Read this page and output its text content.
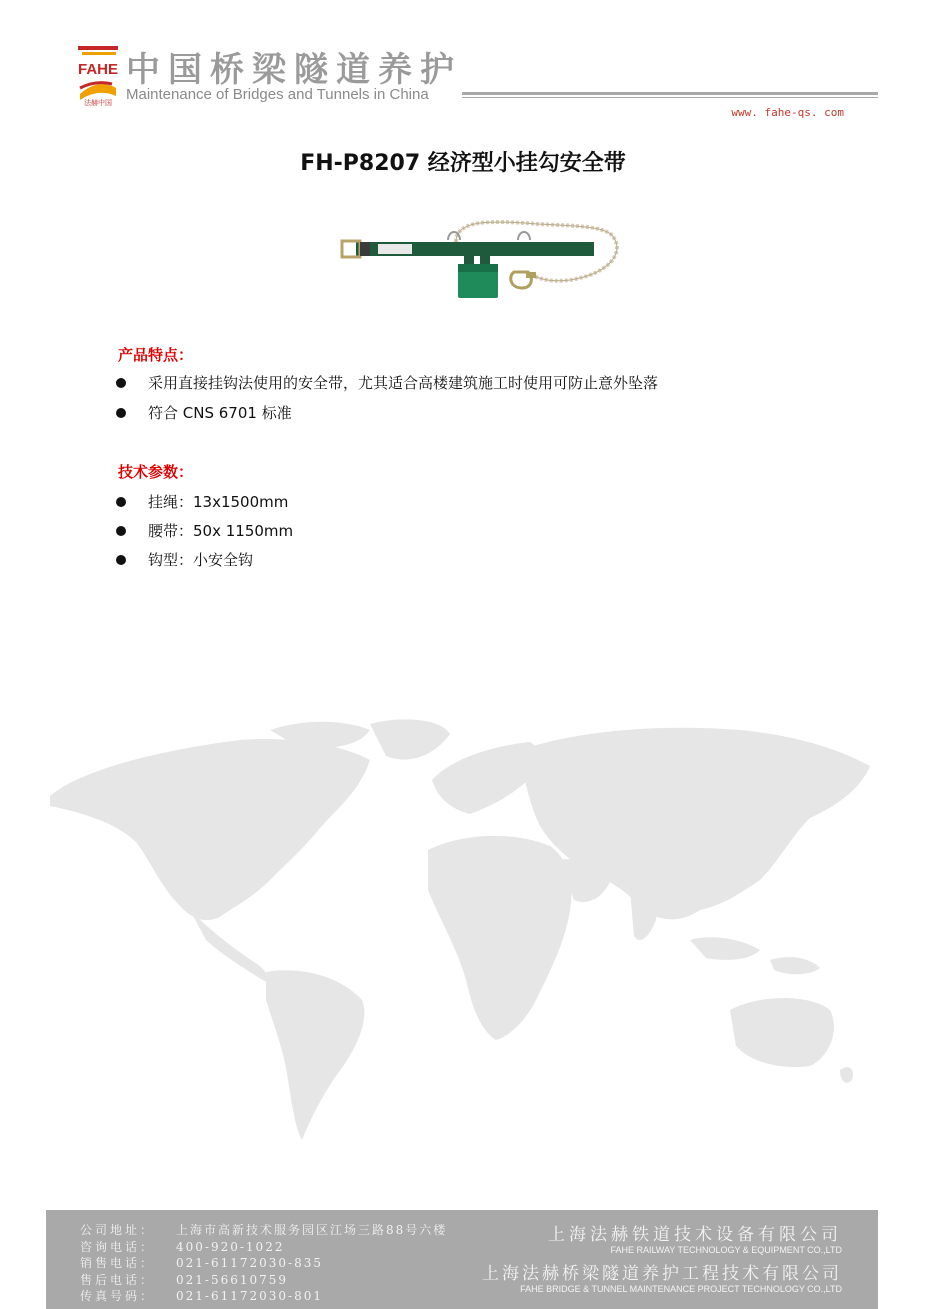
FAHE
法赫中国
中国桥梁隧道养护
Maintenance of Bridges and Tunnels in China
www. fahe-qs. com
FH-P8207 经济型小挂勾安全带
产品特点：
采用直接挂钩法使用的安全带，尤其适合高楼建筑施工时使用可防止意外坠落
符合 CNS 6701 标准
技术参数：
挂绳：13x1500mm
腰带：50x 1150mm
钩型：小安全钩
公司地址： 上海市高新技术服务园区江场三路88号六楼
咨询电话： 400-920-1022
销售电话： 021-61172030-835
售后电话： 021-56610759
传真号码： 021-61172030-801
上海法赫铁道技术设备有限公司
FAHE RAILWAY TECHNOLOGY & EQUIPMENT CO.,LTD
上海法赫桥梁隧道养护工程技术有限公司
FAHE BRIDGE & TUNNEL MAINTENANCE PROJECT TECHNOLOGY CO.,LTD
